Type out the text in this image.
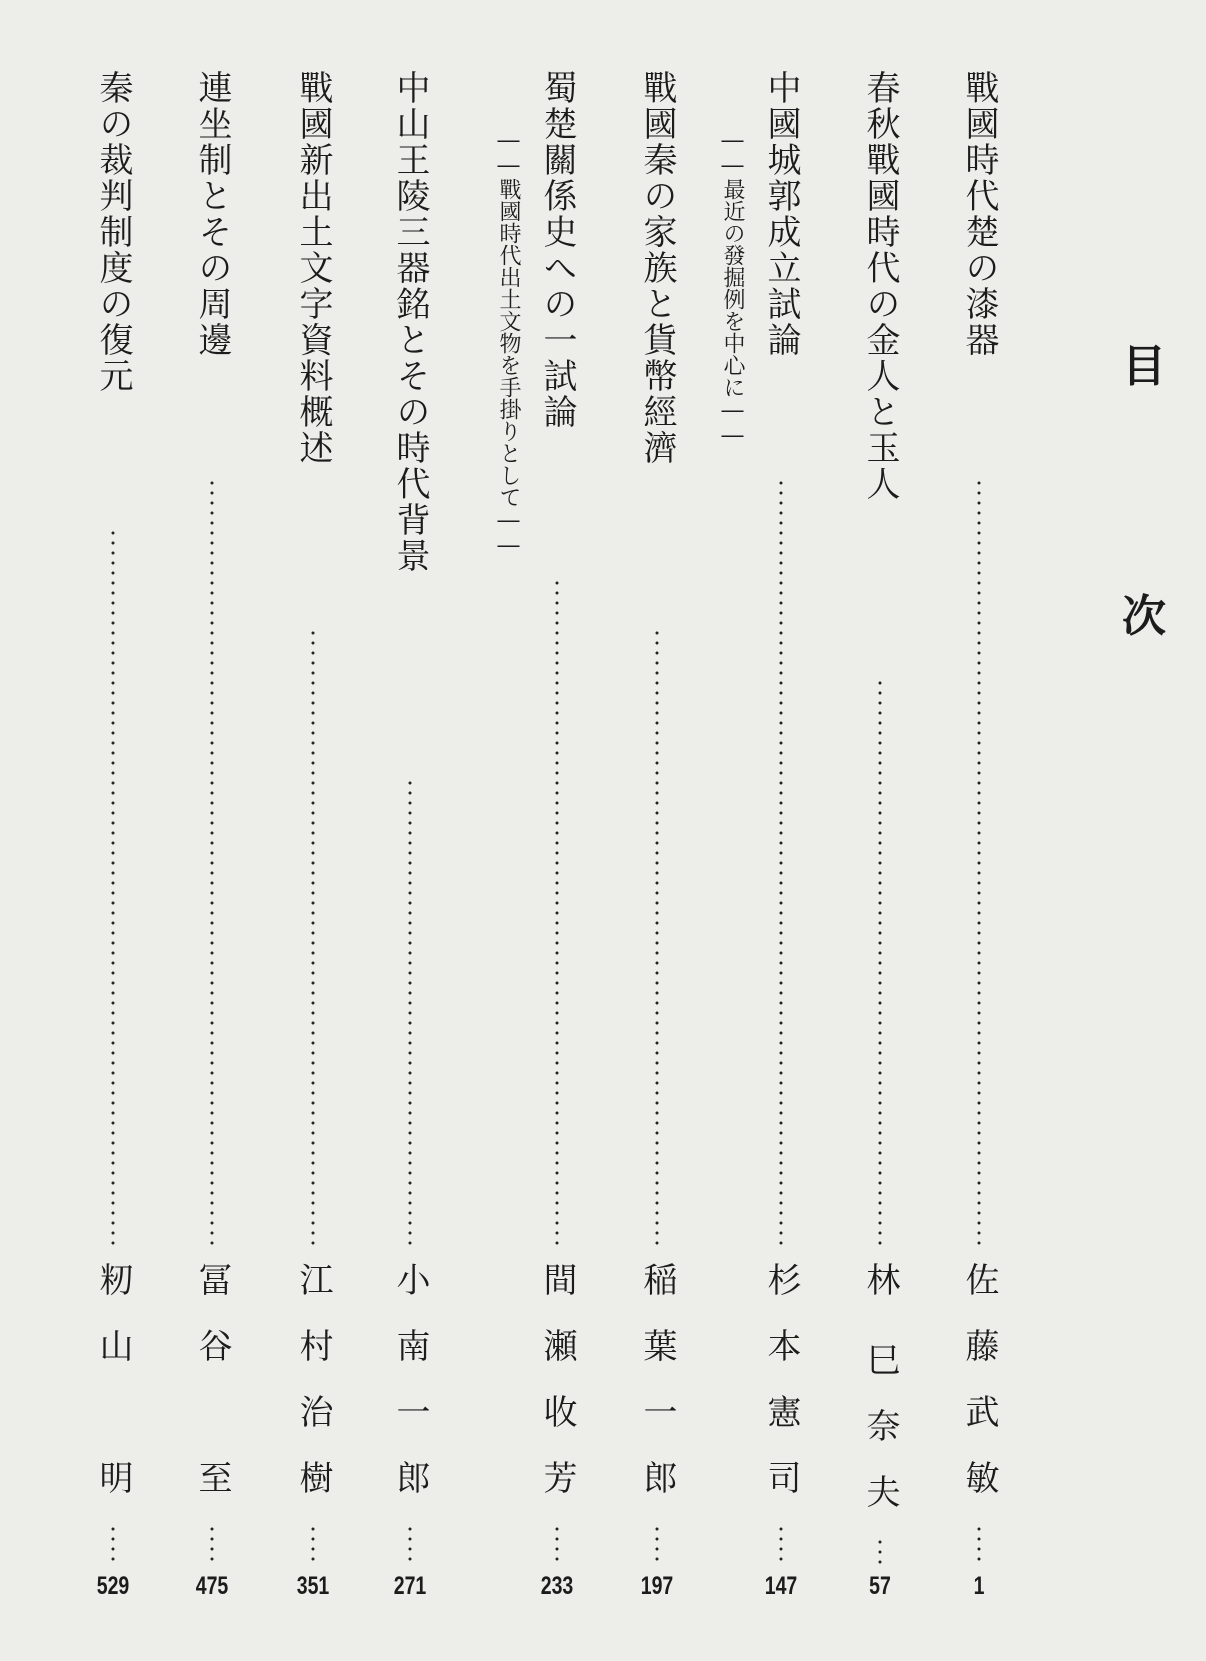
目
次
戰國時代楚の漆器
佐
藤
武
敏
1
春秋戰國時代の金人と玉人
林
巳
奈
夫
57
中國城郭成立試論
――最近の發掘例を中心に――
杉
本
憲
司
147
戰國秦の家族と貨幣經濟
稲
葉
一
郎
197
蜀楚關係史への一試論
――戰國時代出土文物を手掛りとして――
間
瀬
收
芳
233
中山王陵三器銘とその時代背景
小
南
一
郎
271
戰國新出土文字資料概述
江
村
治
樹
351
連坐制とその周邊
冨
谷
至
475
秦の裁判制度の復元
籾
山
明
529
